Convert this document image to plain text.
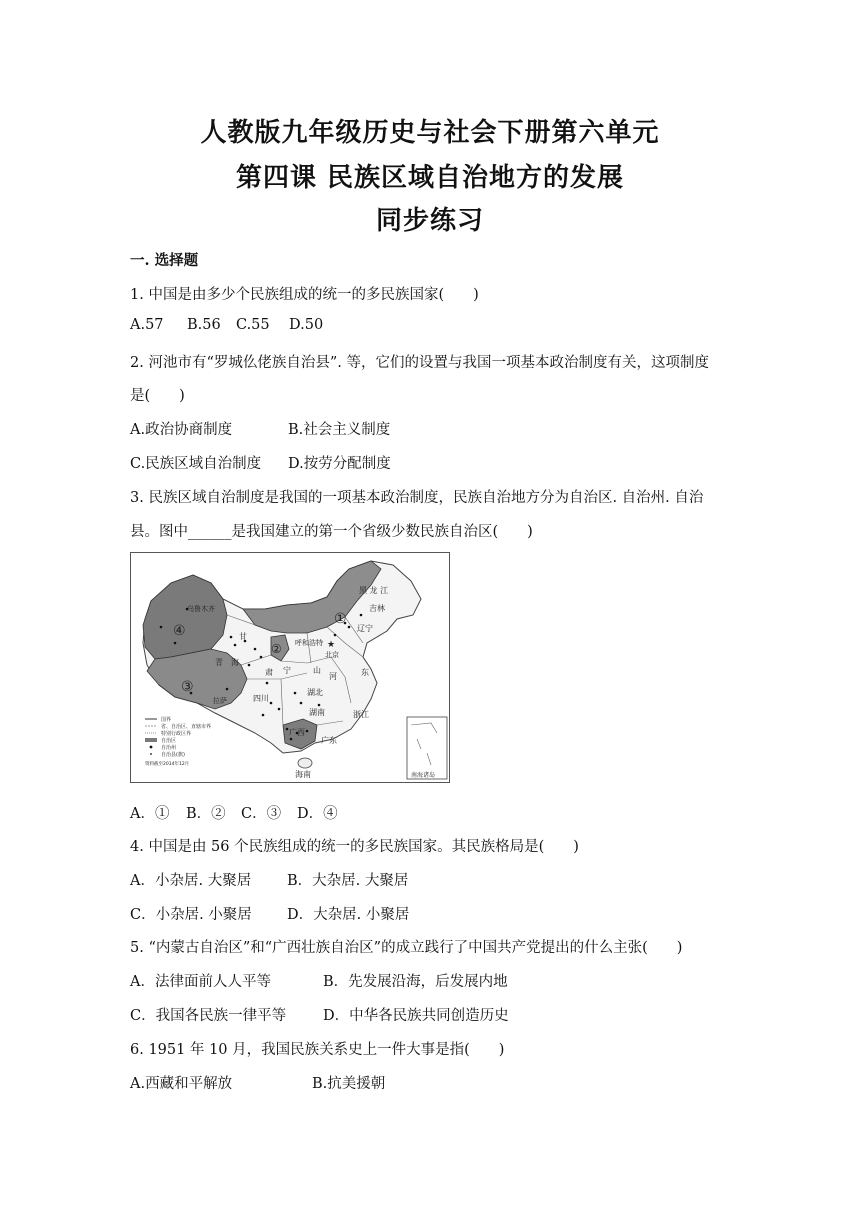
人教版九年级历史与社会下册第六单元
第四课 民族区域自治地方的发展
同步练习
一. 选择题
1. 中国是由多少个民族组成的统一的多民族国家(　　)
A.57 B.56 C.55 D.50
2. 河池市有“罗城仫佬族自治县”. 等，它们的设置与我国一项基本政治制度有关，这项制度
是(　　)
A.政治协商制度	B.社会主义制度
C.民族区域自治制度 D.按劳分配制度
3. 民族区域自治制度是我国的一项基本政治制度，民族自治地方分为自治区. 自治州. 自治
县。图中______是我国建立的第一个省级少数民族自治区(　　)
★
①
②
③
④
黑 龙 江
吉林
辽宁
北京
呼和浩特
乌鲁木齐
甘
青　海
肃 宁
拉萨	四川
湖北
湖南	浙江
广西
广东
海南
东
山
河
南海诸岛
国界
省、自治区、直辖市界
特别行政区界
自治区
自治州
自治县(旗)
资料截至2014年12月
A．① B．② C．③ D．④
4. 中国是由 56 个民族组成的统一的多民族国家。其民族格局是(　　)
A．小杂居. 大聚居 B．大杂居. 大聚居
C．小杂居. 小聚居 D．大杂居. 小聚居
5. “内蒙古自治区”和“广西壮族自治区”的成立践行了中国共产党提出的什么主张(　　)
A．法律面前人人平等	B．先发展沿海，后发展内地
C．我国各民族一律平等	D．中华各民族共同创造历史
6. 1951 年 10 月，我国民族关系史上一件大事是指(　　)
A.西藏和平解放	B.抗美援朝
